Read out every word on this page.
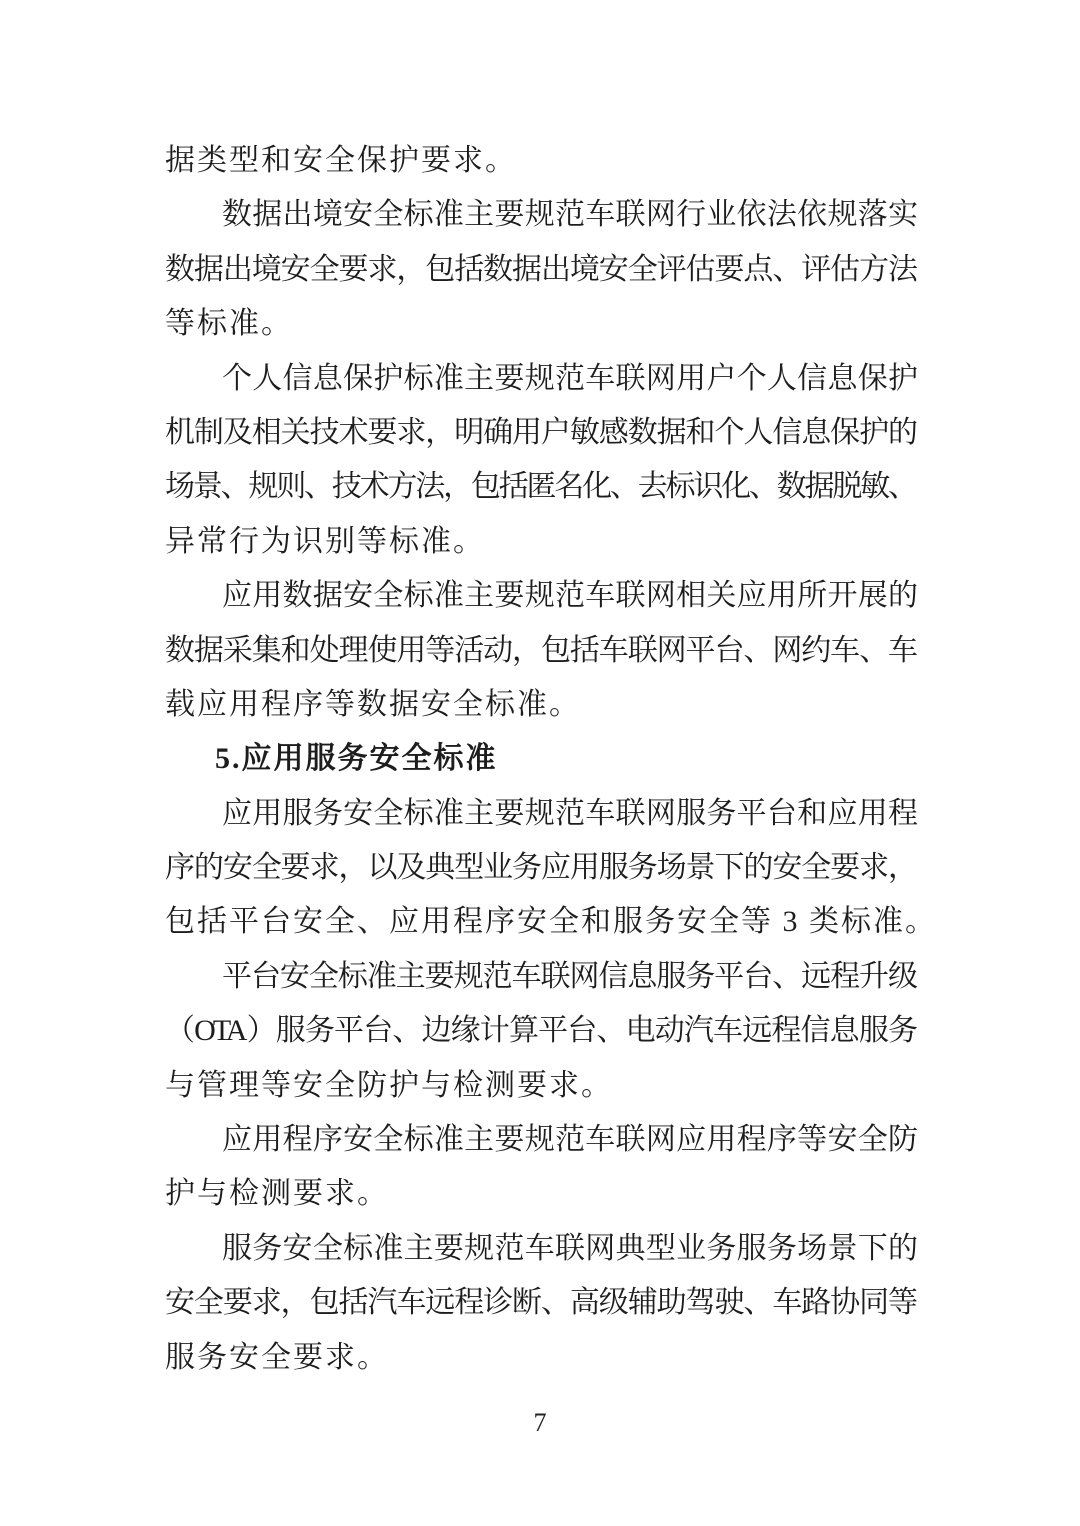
据类型和安全保护要求。
数据出境安全标准主要规范车联网行业依法依规落实
数据出境安全要求，包括数据出境安全评估要点、评估方法
等标准。
个人信息保护标准主要规范车联网用户个人信息保护
机制及相关技术要求，明确用户敏感数据和个人信息保护的
场景、规则、技术方法，包括匿名化、去标识化、数据脱敏、
异常行为识别等标准。
应用数据安全标准主要规范车联网相关应用所开展的
数据采集和处理使用等活动，包括车联网平台、网约车、车
载应用程序等数据安全标准。
5.应用服务安全标准
应用服务安全标准主要规范车联网服务平台和应用程
序的安全要求，以及典型业务应用服务场景下的安全要求，
包括平台安全、应用程序安全和服务安全等 3 类标准。
平台安全标准主要规范车联网信息服务平台、远程升级
（OTA）服务平台、边缘计算平台、电动汽车远程信息服务
与管理等安全防护与检测要求。
应用程序安全标准主要规范车联网应用程序等安全防
护与检测要求。
服务安全标准主要规范车联网典型业务服务场景下的
安全要求，包括汽车远程诊断、高级辅助驾驶、车路协同等
服务安全要求。
7
